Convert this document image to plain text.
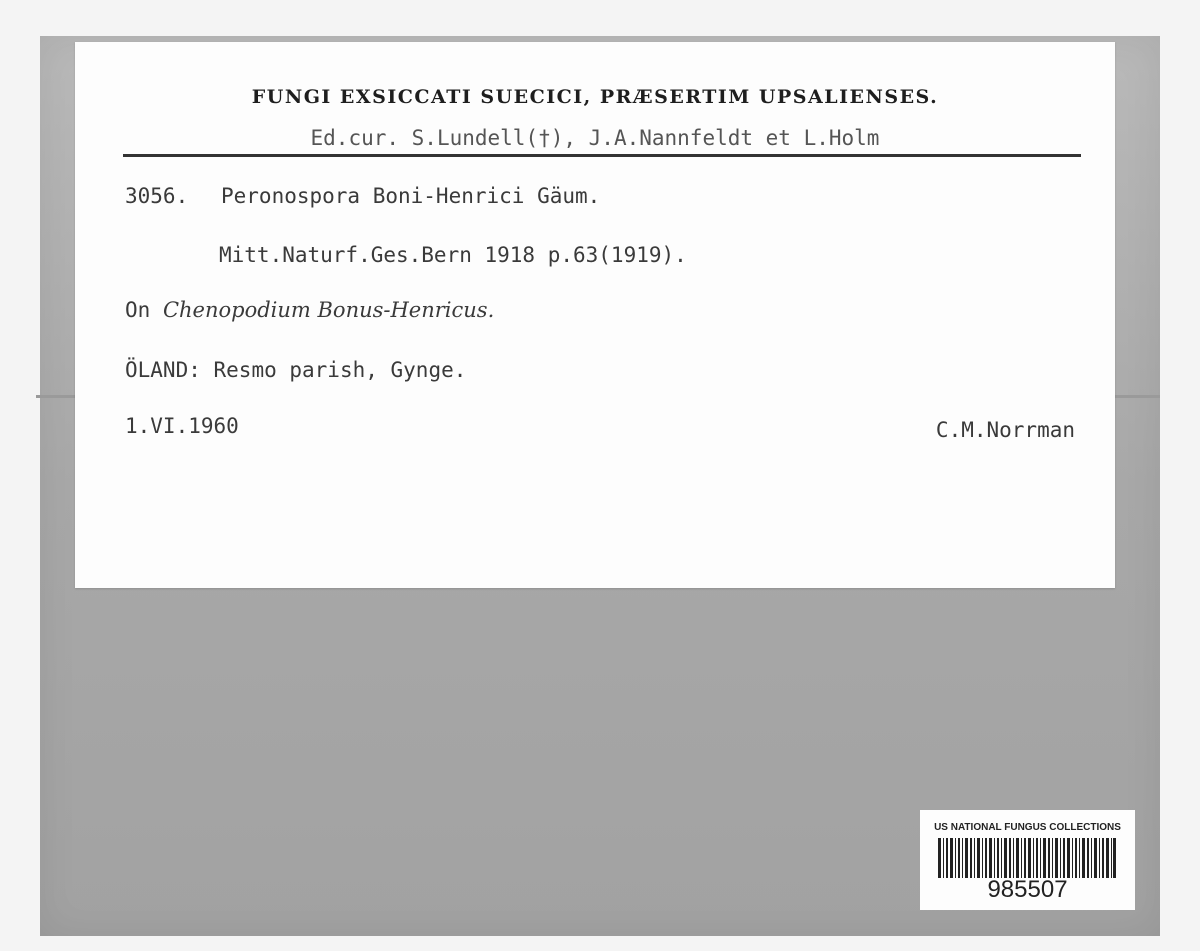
FUNGI EXSICCATI SUECICI, PRÆSERTIM UPSALIENSES.
Ed.cur. S.Lundell(†), J.A.Nannfeldt et L.Holm
3056. Peronospora Boni-Henrici Gäum.
Mitt.Naturf.Ges.Bern 1918 p.63(1919).
On Chenopodium Bonus-Henricus.
ÖLAND: Resmo parish, Gynge.
1.VI.1960	C.M.Norrman
US NATIONAL FUNGUS COLLECTIONS
985507
